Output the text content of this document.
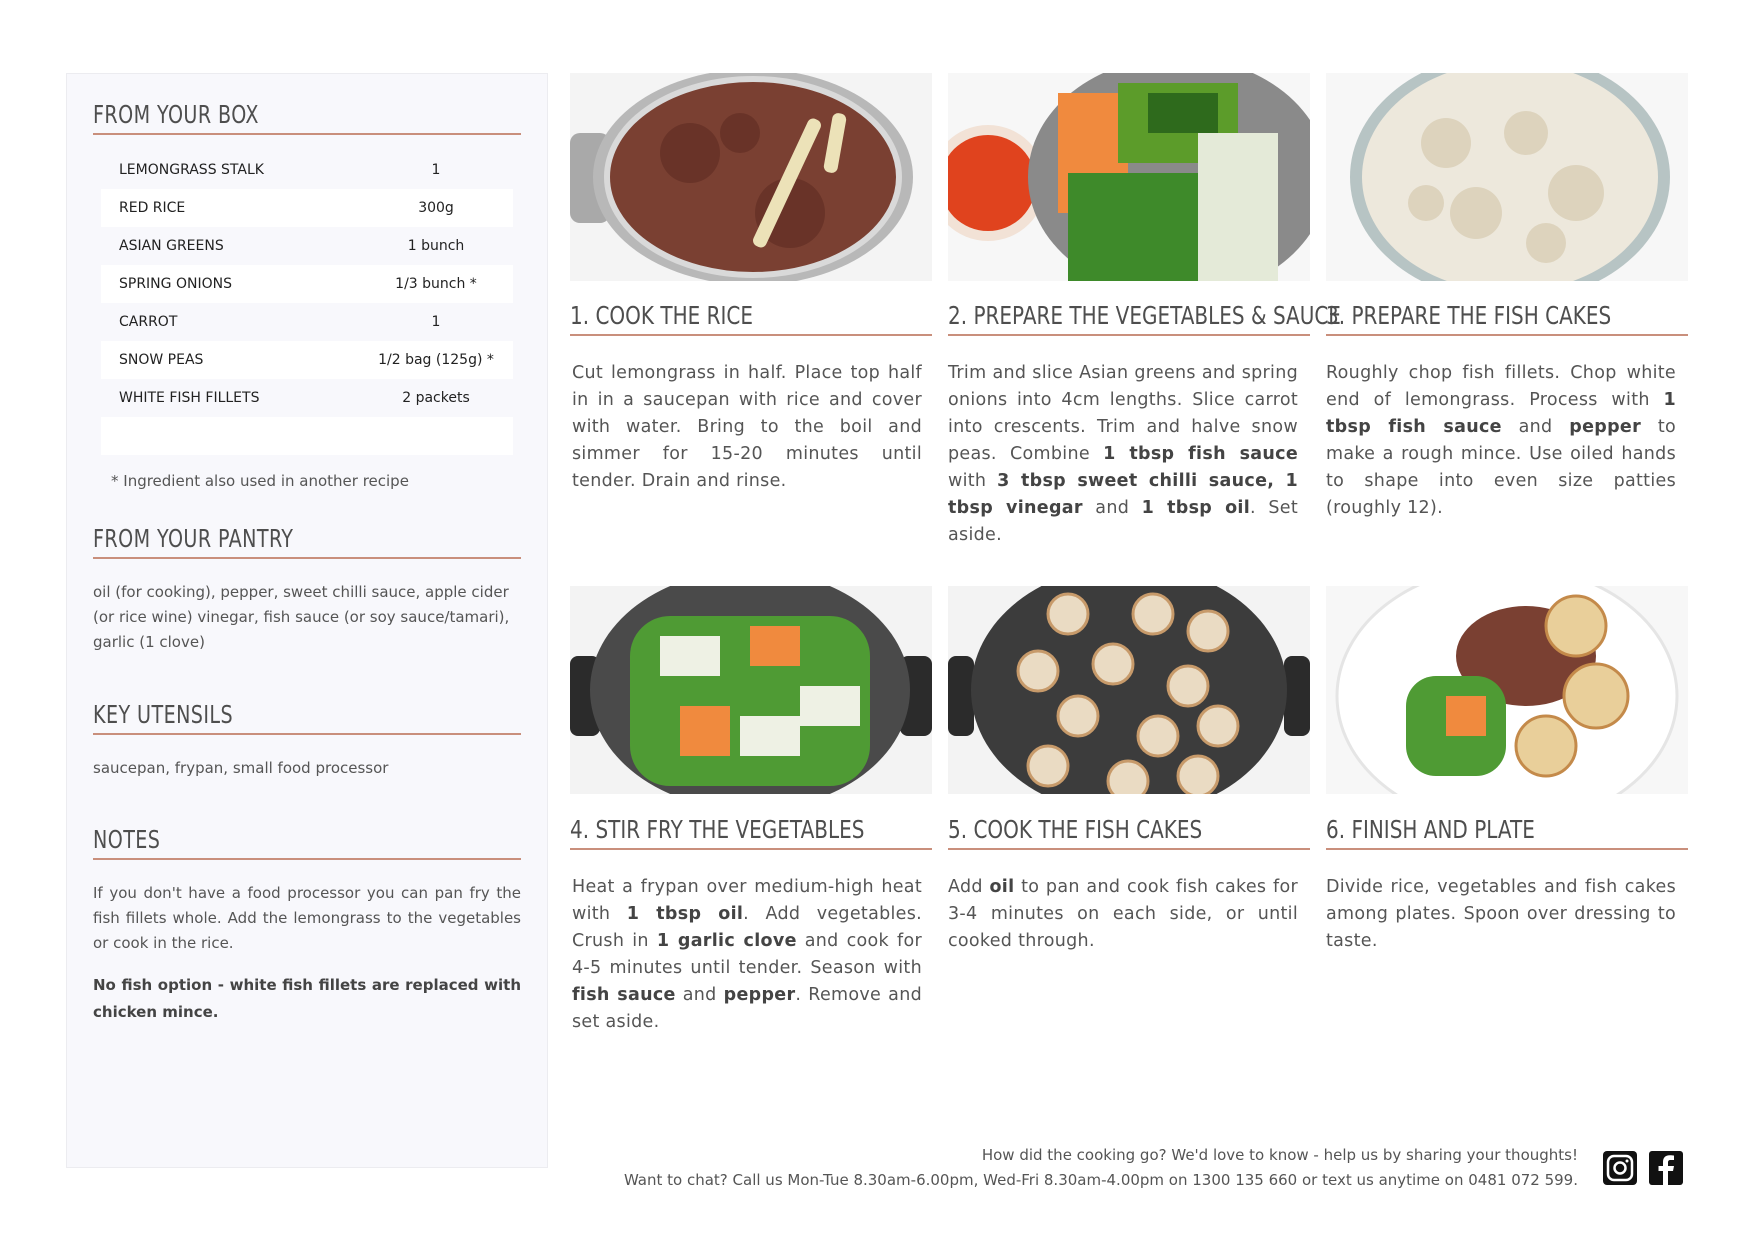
FROM YOUR BOX
LEMONGRASS STALK	1
RED RICE	300g
ASIAN GREENS	1 bunch
SPRING ONIONS	1/3 bunch *
CARROT	1
SNOW PEAS	1/2 bag (125g) *
WHITE FISH FILLETS	2 packets

* Ingredient also used in another recipe
FROM YOUR PANTRY
oil (for cooking), pepper, sweet chilli sauce, apple cider (or rice wine) vinegar, fish sauce (or soy sauce/tamari), garlic (1 clove)
KEY UTENSILS
saucepan, frypan, small food processor
NOTES
If you don't have a food processor you can pan fry the fish fillets whole. Add the lemongrass to the vegetables or cook in the rice.
No fish option - white fish fillets are replaced with chicken mince.
1. COOK THE RICE
Cut lemongrass in half. Place top half in in a saucepan with rice and cover with water. Bring to the boil and simmer for 15-20 minutes until tender. Drain and rinse.
2. PREPARE THE VEGETABLES & SAUCE
Trim and slice Asian greens and spring onions into 4cm lengths. Slice carrot into crescents. Trim and halve snow peas. Combine 1 tbsp fish sauce with 3 tbsp sweet chilli sauce, 1 tbsp vinegar and 1 tbsp oil. Set aside.
3. PREPARE THE FISH CAKES
Roughly chop fish fillets. Chop white end of lemongrass. Process with 1 tbsp fish sauce and pepper to make a rough mince. Use oiled hands to shape into even size patties (roughly 12).
4. STIR FRY THE VEGETABLES
Heat a frypan over medium-high heat with 1 tbsp oil. Add vegetables. Crush in 1 garlic clove and cook for 4-5 minutes until tender. Season with fish sauce and pepper. Remove and set aside.
5. COOK THE FISH CAKES
Add oil to pan and cook fish cakes for 3-4 minutes on each side, or until cooked through.
6. FINISH AND PLATE
Divide rice, vegetables and fish cakes among plates. Spoon over dressing to taste.
How did the cooking go? We'd love to know - help us by sharing your thoughts!
Want to chat? Call us Mon-Tue 8.30am-6.00pm, Wed-Fri 8.30am-4.00pm on 1300 135 660 or text us anytime on 0481 072 599.
